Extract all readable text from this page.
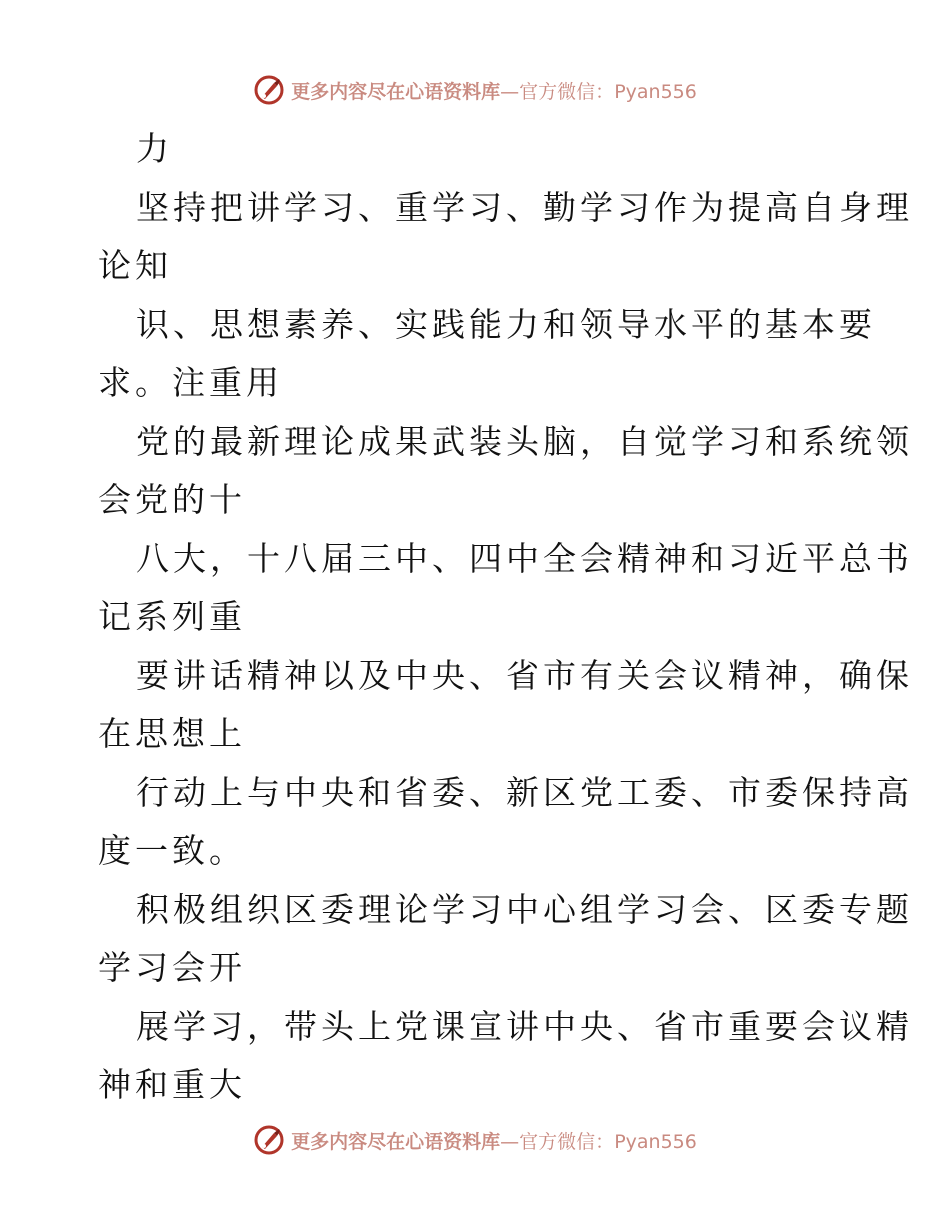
更多内容尽在心语资料库—官方微信：Pyan556
力
坚持把讲学习、重学习、勤学习作为提高自身理
论知
识、思想素养、实践能力和领导水平的基本要
求。注重用
党的最新理论成果武装头脑，自觉学习和系统领
会党的十
八大，十八届三中、四中全会精神和习近平总书
记系列重
要讲话精神以及中央、省市有关会议精神，确保
在思想上
行动上与中央和省委、新区党工委、市委保持高
度一致。
积极组织区委理论学习中心组学习会、区委专题
学习会开
展学习，带头上党课宣讲中央、省市重要会议精
神和重大
更多内容尽在心语资料库—官方微信：Pyan556
